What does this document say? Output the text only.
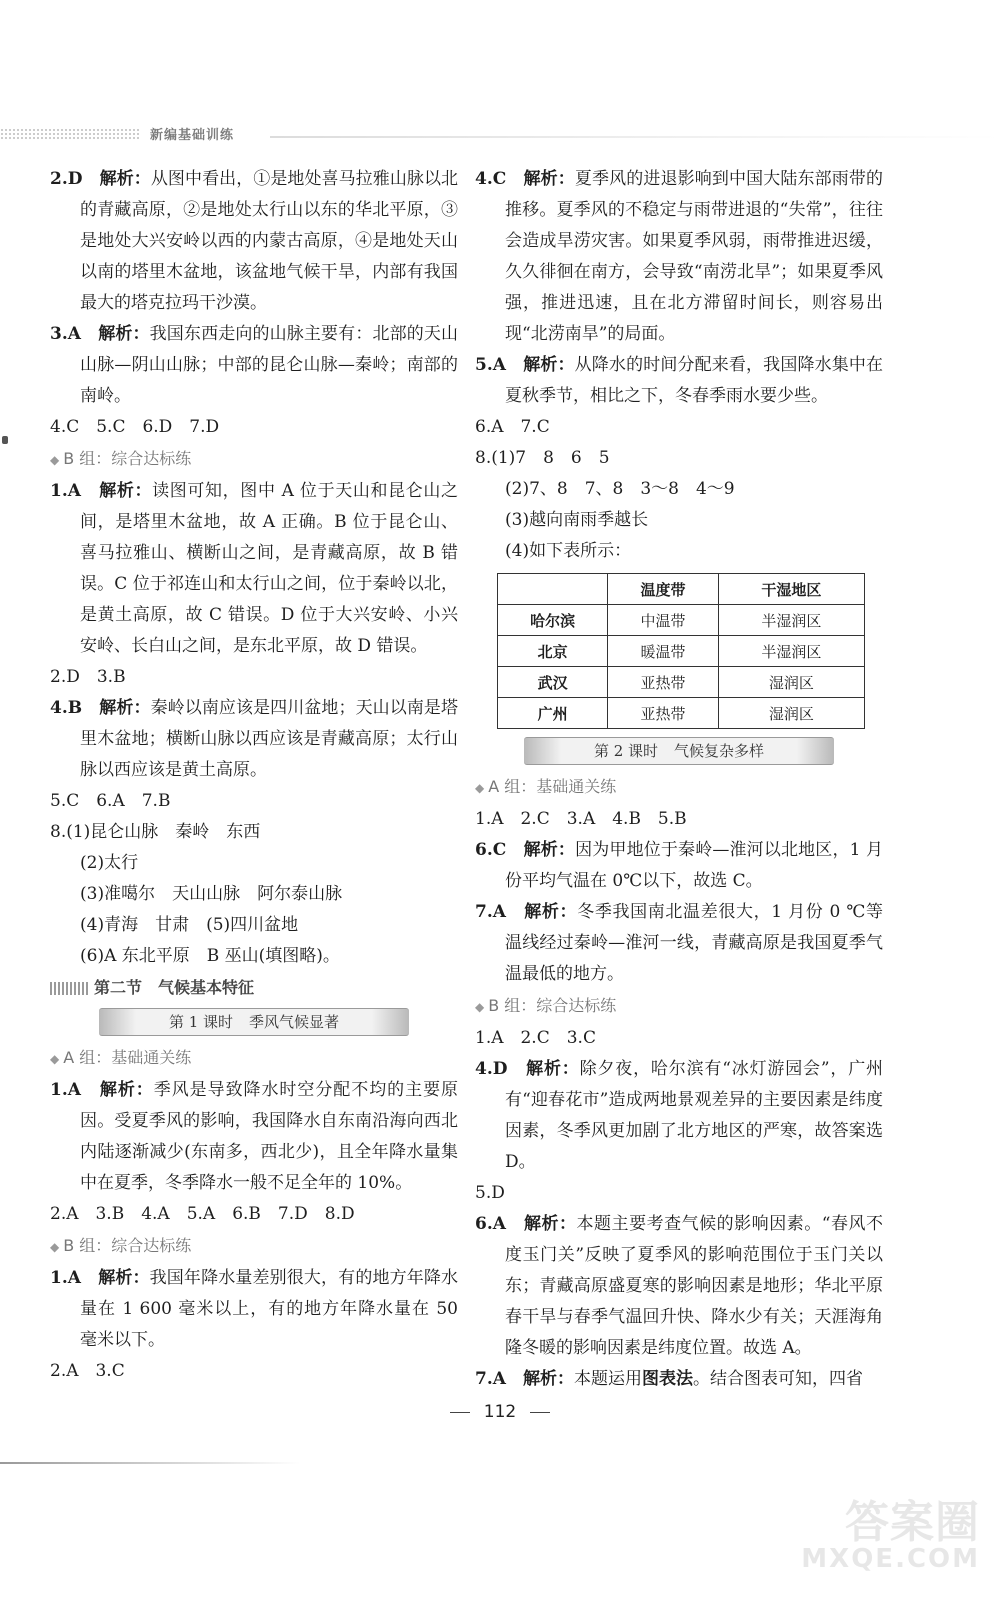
新编基础训练

2.D　 解析：从图中看出，①是地处喜马拉雅山脉以北的青藏高原，②是地处太行山以东的华北平原，③是地处大兴安岭以西的内蒙古高原，④是地处天山以南的塔里木盆地，该盆地气候干旱，内部有我国最大的塔克拉玛干沙漠。

3.A　 解析：我国东西走向的山脉主要有：北部的天山山脉—阴山山脉；中部的昆仑山脉—秦岭；南部的南岭。

4.C　5.C　6.D　7.D

◆ B 组：综合达标练

1.A　 解析：读图可知，图中 A 位于天山和昆仑山之间，是塔里木盆地，故 A 正确。B 位于昆仑山、喜马拉雅山、横断山之间，是青藏高原，故 B 错误。C 位于祁连山和太行山之间，位于秦岭以北，是黄土高原，故 C 错误。D 位于大兴安岭、小兴安岭、长白山之间，是东北平原，故 D 错误。

2.D　3.B

4.B　 解析：秦岭以南应该是四川盆地；天山以南是塔里木盆地；横断山脉以西应该是青藏高原；太行山脉以西应该是黄土高原。

5.C　6.A　7.B

8.(1)昆仑山脉　秦岭　东西

(2)太行

(3)准噶尔　天山山脉　阿尔泰山脉

(4)青海　甘肃　(5)四川盆地

(6)A 东北平原　B 巫山(填图略)。

第二节　气候基本特征
第 1 课时 季风气候显著
◆ A 组：基础通关练

1.A　 解析：季风是导致降水时空分配不均的主要原因。受夏季风的影响，我国降水自东南沿海向西北内陆逐渐减少(东南多，西北少)，且全年降水量集中在夏季，冬季降水一般不足全年的 10%。

2.A　3.B　4.A　5.A　6.B　7.D　8.D

◆ B 组：综合达标练

1.A　 解析：我国年降水量差别很大，有的地方年降水量在 1 600 毫米以上，有的地方年降水量在 50 毫米以下。

2.A　3.C

4.C　 解析：夏季风的进退影响到中国大陆东部雨带的推移。夏季风的不稳定与雨带进退的“失常”，往往会造成旱涝灾害。如果夏季风弱，雨带推进迟缓，久久徘徊在南方，会导致“南涝北旱”；如果夏季风强，推进迅速，且在北方滞留时间长，则容易出现“北涝南旱”的局面。

5.A　 解析：从降水的时间分配来看，我国降水集中在夏秋季节，相比之下，冬春季雨水要少些。

6.A　7.C

8.(1)7　8　6　5

(2)7、8　7、8　3～8　4～9

(3)越向南雨季越长

(4)如下表所示：

	温度带	干湿地区
哈尔滨	中温带	半湿润区
北京	暖温带	半湿润区
武汉	亚热带	湿润区
广州	亚热带	湿润区
第 2 课时 气候复杂多样
◆ A 组：基础通关练

1.A　2.C　3.A　4.B　5.B

6.C　 解析：因为甲地位于秦岭—淮河以北地区，1 月份平均气温在 0℃以下，故选 C。

7.A　 解析：冬季我国南北温差很大，1 月份 0 ℃等温线经过秦岭—淮河一线，青藏高原是我国夏季气温最低的地方。

◆ B 组：综合达标练

1.A　2.C　3.C

4.D　 解析：除夕夜，哈尔滨有“冰灯游园会”，广州有“迎春花市”造成两地景观差异的主要因素是纬度因素，冬季风更加剧了北方地区的严寒，故答案选 D。

5.D

6.A　 解析：本题主要考查气候的影响因素。“春风不度玉门关”反映了夏季风的影响范围位于玉门关以东；青藏高原盛夏寒的影响因素是地形；华北平原春干旱与春季气温回升快、降水少有关；天涯海角隆冬暖的影响因素是纬度位置。故选 A。

7.A　 解析：本题运用图表法。结合图表可知，四省

112
答案圈
MXQE.COM
